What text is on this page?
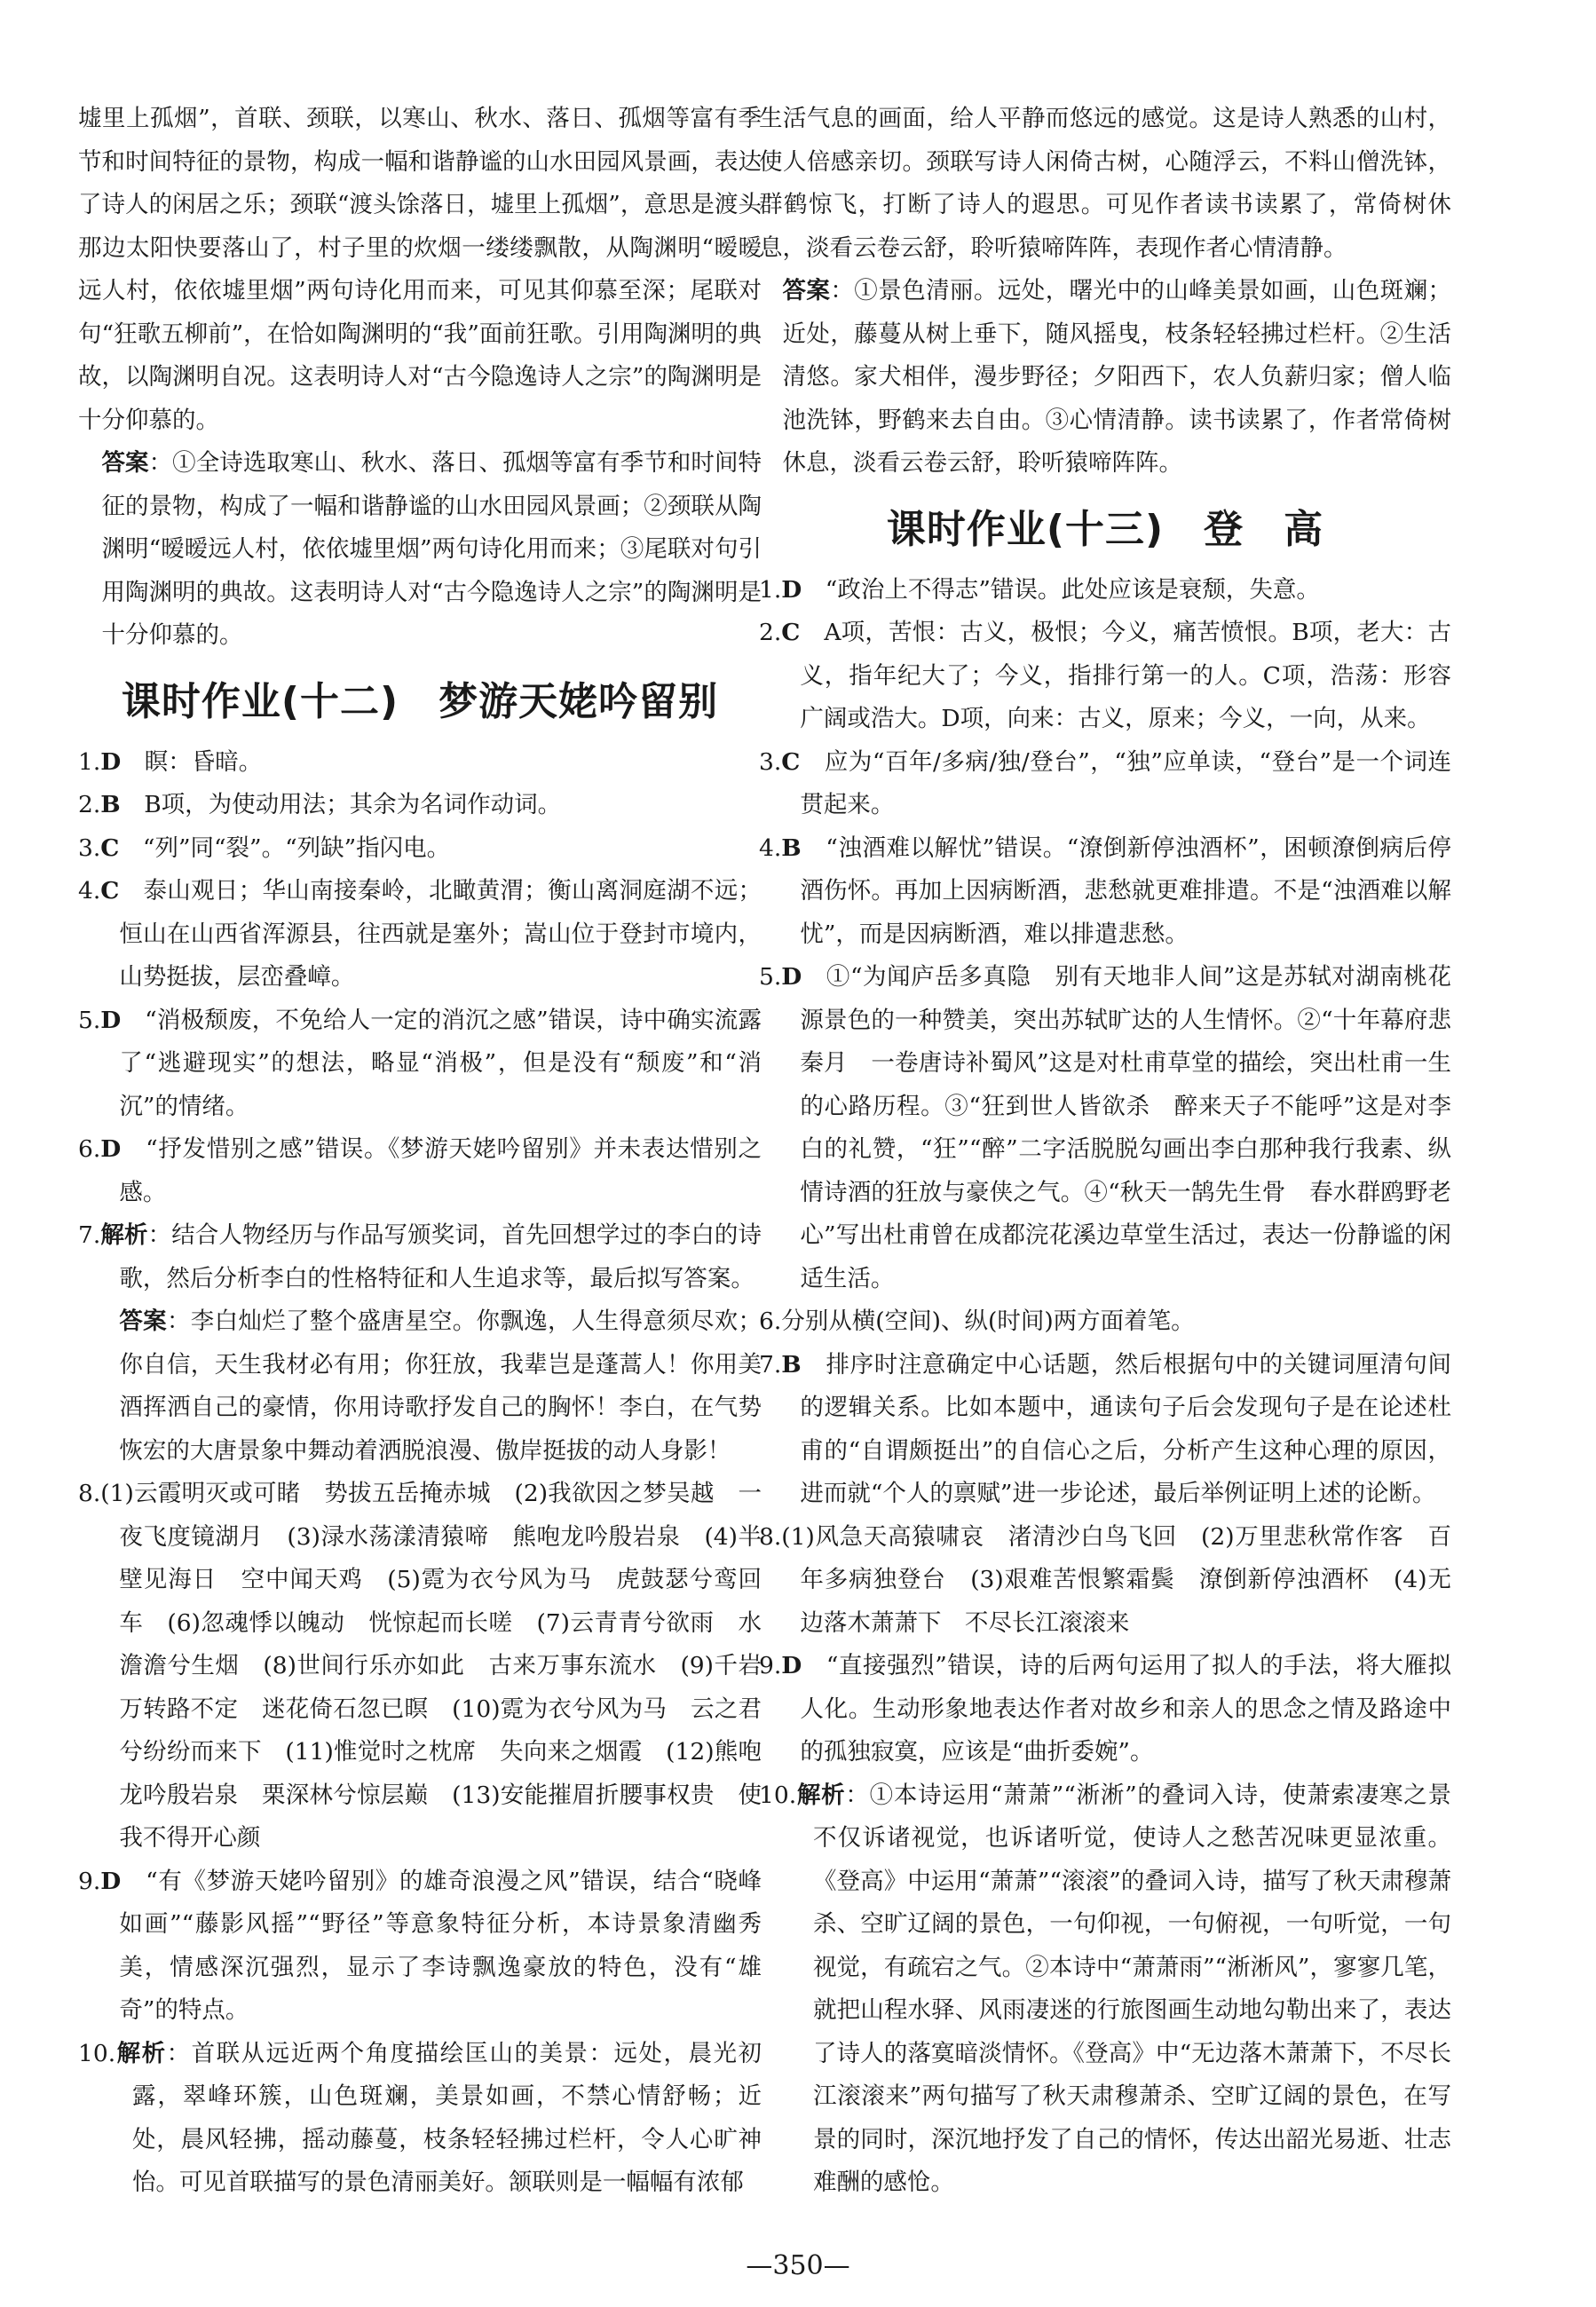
墟里上孤烟”，首联、颈联，以寒山、秋水、落日、孤烟等富有季节和时间特征的景物，构成一幅和谐静谧的山水田园风景画，表达了诗人的闲居之乐；颈联“渡头馀落日，墟里上孤烟”，意思是渡头那边太阳快要落山了，村子里的炊烟一缕缕飘散，从陶渊明“暧暧远人村，依依墟里烟”两句诗化用而来，可见其仰慕至深；尾联对句“狂歌五柳前”，在恰如陶渊明的“我”面前狂歌。引用陶渊明的典故，以陶渊明自况。这表明诗人对“古今隐逸诗人之宗”的陶渊明是十分仰慕的。

答案：①全诗选取寒山、秋水、落日、孤烟等富有季节和时间特征的景物，构成了一幅和谐静谧的山水田园风景画；②颈联从陶渊明“暧暧远人村，依依墟里烟”两句诗化用而来；③尾联对句引用陶渊明的典故。这表明诗人对“古今隐逸诗人之宗”的陶渊明是十分仰慕的。

课时作业(十二)　梦游天姥吟留别

1.D　瞑：昏暗。

2.B　B项，为使动用法；其余为名词作动词。

3.C　“列”同“裂”。“列缺”指闪电。

4.C　泰山观日；华山南接秦岭，北瞰黄渭；衡山离洞庭湖不远；恒山在山西省浑源县，往西就是塞外；嵩山位于登封市境内，山势挺拔，层峦叠嶂。

5.D　“消极颓废，不免给人一定的消沉之感”错误，诗中确实流露了“逃避现实”的想法，略显“消极”，但是没有“颓废”和“消沉”的情绪。

6.D　“抒发惜别之感”错误。《梦游天姥吟留别》并未表达惜别之感。

7.解析：结合人物经历与作品写颁奖词，首先回想学过的李白的诗歌，然后分析李白的性格特征和人生追求等，最后拟写答案。

答案：李白灿烂了整个盛唐星空。你飘逸，人生得意须尽欢；你自信，天生我材必有用；你狂放，我辈岂是蓬蒿人！你用美酒挥洒自己的豪情，你用诗歌抒发自己的胸怀！李白，在气势恢宏的大唐景象中舞动着洒脱浪漫、傲岸挺拔的动人身影！

8.(1)云霞明灭或可睹　势拔五岳掩赤城　(2)我欲因之梦吴越　一夜飞度镜湖月　(3)渌水荡漾清猿啼　熊咆龙吟殷岩泉　(4)半壁见海日　空中闻天鸡　(5)霓为衣兮风为马　虎鼓瑟兮鸾回车　(6)忽魂悸以魄动　恍惊起而长嗟　(7)云青青兮欲雨　水澹澹兮生烟　(8)世间行乐亦如此　古来万事东流水　(9)千岩万转路不定　迷花倚石忽已暝　(10)霓为衣兮风为马　云之君兮纷纷而来下　(11)惟觉时之枕席　失向来之烟霞　(12)熊咆龙吟殷岩泉　栗深林兮惊层巅　(13)安能摧眉折腰事权贵　使我不得开心颜

9.D　“有《梦游天姥吟留别》的雄奇浪漫之风”错误，结合“晓峰如画”“藤影风摇”“野径”等意象特征分析，本诗景象清幽秀美，情感深沉强烈，显示了李诗飘逸豪放的特色，没有“雄奇”的特点。

10.解析：首联从远近两个角度描绘匡山的美景：远处，晨光初露，翠峰环簇，山色斑斓，美景如画，不禁心情舒畅；近处，晨风轻拂，摇动藤蔓，枝条轻轻拂过栏杆，令人心旷神怡。可见首联描写的景色清丽美好。颔联则是一幅幅有浓郁

生活气息的画面，给人平静而悠远的感觉。这是诗人熟悉的山村，使人倍感亲切。颈联写诗人闲倚古树，心随浮云，不料山僧洗钵，群鹤惊飞，打断了诗人的遐思。可见作者读书读累了，常倚树休息，淡看云卷云舒，聆听猿啼阵阵，表现作者心情清静。

答案：①景色清丽。远处，曙光中的山峰美景如画，山色斑斓；近处，藤蔓从树上垂下，随风摇曳，枝条轻轻拂过栏杆。②生活清悠。家犬相伴，漫步野径；夕阳西下，农人负薪归家；僧人临池洗钵，野鹤来去自由。③心情清静。读书读累了，作者常倚树休息，淡看云卷云舒，聆听猿啼阵阵。

课时作业(十三)　登　高

1.D　“政治上不得志”错误。此处应该是衰颓，失意。

2.C　A项，苦恨：古义，极恨；今义，痛苦愤恨。B项，老大：古义，指年纪大了；今义，指排行第一的人。C项，浩荡：形容广阔或浩大。D项，向来：古义，原来；今义，一向，从来。

3.C　应为“百年/多病/独/登台”，“独”应单读，“登台”是一个词连贯起来。

4.B　“浊酒难以解忧”错误。“潦倒新停浊酒杯”，困顿潦倒病后停酒伤怀。再加上因病断酒，悲愁就更难排遣。不是“浊酒难以解忧”，而是因病断酒，难以排遣悲愁。

5.D　①“为闻庐岳多真隐　别有天地非人间”这是苏轼对湖南桃花源景色的一种赞美，突出苏轼旷达的人生情怀。②“十年幕府悲秦月　一卷唐诗补蜀风”这是对杜甫草堂的描绘，突出杜甫一生的心路历程。③“狂到世人皆欲杀　醉来天子不能呼”这是对李白的礼赞，“狂”“醉”二字活脱脱勾画出李白那种我行我素、纵情诗酒的狂放与豪侠之气。④“秋天一鹄先生骨　春水群鸥野老心”写出杜甫曾在成都浣花溪边草堂生活过，表达一份静谧的闲适生活。

6.分别从横(空间)、纵(时间)两方面着笔。

7.B　排序时注意确定中心话题，然后根据句中的关键词厘清句间的逻辑关系。比如本题中，通读句子后会发现句子是在论述杜甫的“自谓颇挺出”的自信心之后，分析产生这种心理的原因，进而就“个人的禀赋”进一步论述，最后举例证明上述的论断。

8.(1)风急天高猿啸哀　渚清沙白鸟飞回　(2)万里悲秋常作客　百年多病独登台　(3)艰难苦恨繁霜鬓　潦倒新停浊酒杯　(4)无边落木萧萧下　不尽长江滚滚来

9.D　“直接强烈”错误，诗的后两句运用了拟人的手法，将大雁拟人化。生动形象地表达作者对故乡和亲人的思念之情及路途中的孤独寂寞，应该是“曲折委婉”。

10.解析：①本诗运用“萧萧”“淅淅”的叠词入诗，使萧索凄寒之景不仅诉诸视觉，也诉诸听觉，使诗人之愁苦况味更显浓重。《登高》中运用“萧萧”“滚滚”的叠词入诗，描写了秋天肃穆萧杀、空旷辽阔的景色，一句仰视，一句俯视，一句听觉，一句视觉，有疏宕之气。②本诗中“萧萧雨”“淅淅风”，寥寥几笔，就把山程水驿、风雨凄迷的行旅图画生动地勾勒出来了，表达了诗人的落寞暗淡情怀。《登高》中“无边落木萧萧下，不尽长江滚滚来”两句描写了秋天肃穆萧杀、空旷辽阔的景色，在写景的同时，深沉地抒发了自己的情怀，传达出韶光易逝、壮志难酬的感怆。

—350—
